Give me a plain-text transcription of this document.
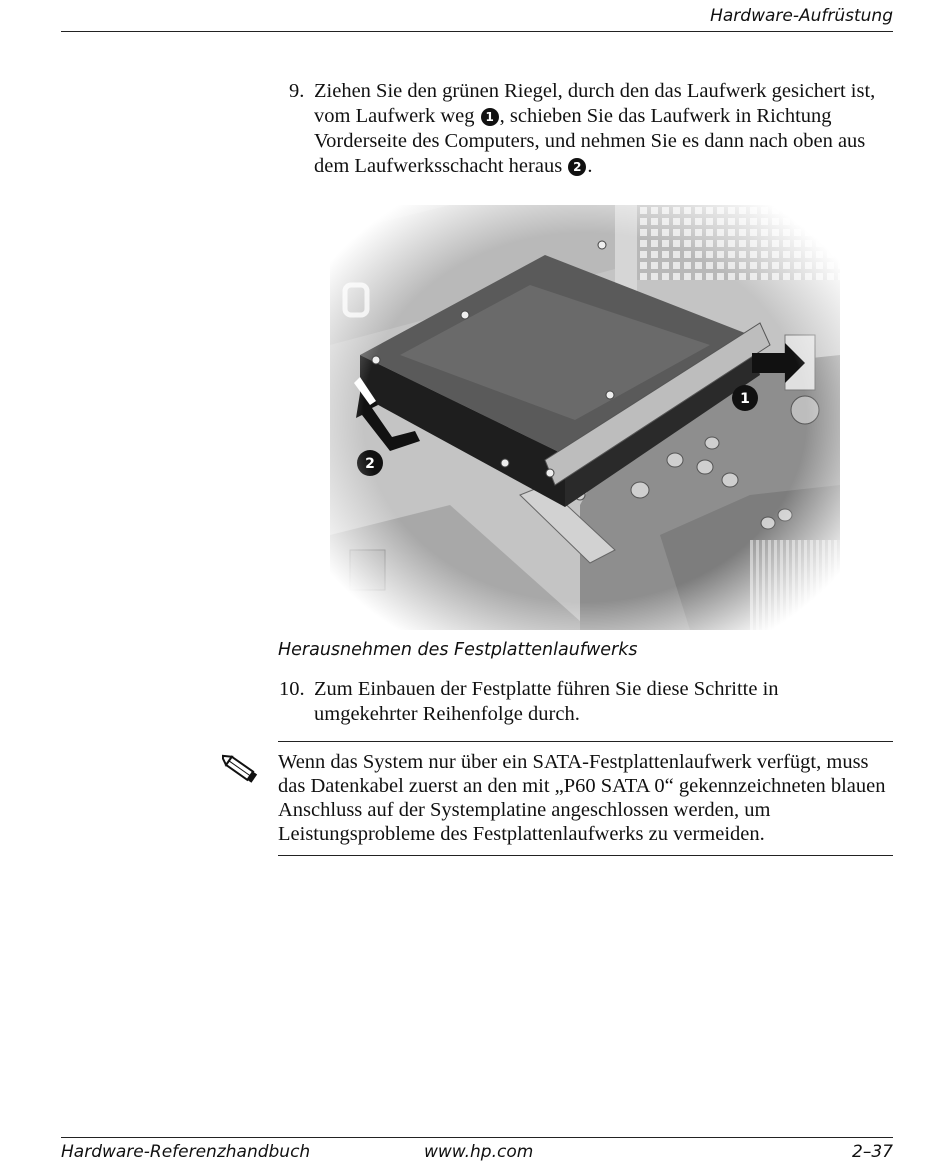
Hardware-Aufrüstung
9. Ziehen Sie den grünen Riegel, durch den das Laufwerk gesichert ist, vom Laufwerk weg 1 , schieben Sie das Laufwerk in Richtung Vorderseite des Computers, und nehmen Sie es dann nach oben aus dem Laufwerksschacht heraus 2 .
Herausnehmen des Festplattenlaufwerks
10. Zum Einbauen der Festplatte führen Sie diese Schritte in umgekehrter Reihenfolge durch.
Wenn das System nur über ein SATA-Festplattenlaufwerk verfügt, muss das Datenkabel zuerst an den mit „P60 SATA 0“ gekennzeichneten blauen Anschluss auf der Systemplatine angeschlossen werden, um Leistungsprobleme des Festplattenlaufwerks zu vermeiden.
Hardware-Referenzhandbuch	www.hp.com	2–37
